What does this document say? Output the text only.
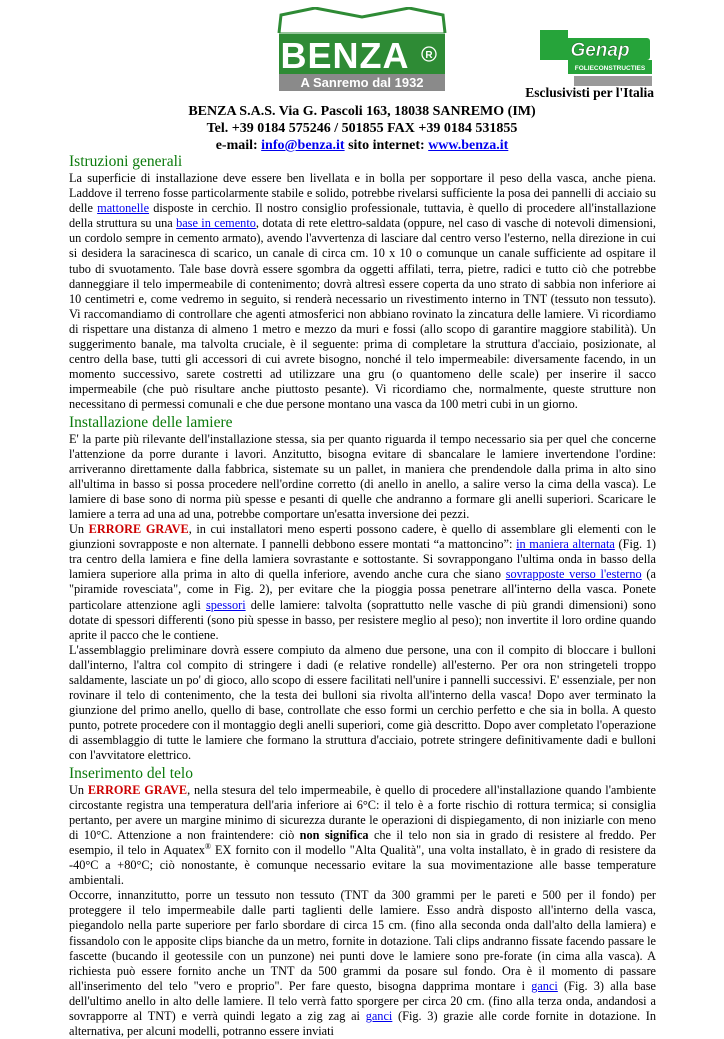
BENZA R
A Sanremo dal 1932
Genap
FOLIECONSTRUCTIES
Esclusivisti per l'Italia
BENZA S.A.S. Via G. Pascoli 163, 18038 SANREMO (IM)
Tel. +39 0184 575246 / 501855 FAX +39 0184 531855
e-mail: info@benza.it sito internet: www.benza.it
Istruzioni generali

La superficie di installazione deve essere ben livellata e in bolla per sopportare il peso della vasca, anche piena. Laddove il terreno fosse particolarmente stabile e solido, potrebbe rivelarsi sufficiente la posa dei pannelli di acciaio su delle mattonelle disposte in cerchio. Il nostro consiglio professionale, tuttavia, è quello di procedere all'installazione della struttura su una base in cemento, dotata di rete elettro-saldata (oppure, nel caso di vasche di notevoli dimensioni, un cordolo sempre in cemento armato), avendo l'avvertenza di lasciare dal centro verso l'esterno, nella direzione in cui si desidera la saracinesca di scarico, un canale di circa cm. 10 x 10 o comunque un canale sufficiente ad ospitare il tubo di svuotamento. Tale base dovrà essere sgombra da oggetti affilati, terra, pietre, radici e tutto ciò che potrebbe danneggiare il telo impermeabile di contenimento; dovrà altresì essere coperta da uno strato di sabbia non inferiore ai 10 centimetri e, come vedremo in seguito, si renderà necessario un rivestimento interno in TNT (tessuto non tessuto). Vi raccomandiamo di controllare che agenti atmosferici non abbiano rovinato la zincatura delle lamiere. Vi ricordiamo di rispettare una distanza di almeno 1 metro e mezzo da muri e fossi (allo scopo di garantire maggiore stabilità). Un suggerimento banale, ma talvolta cruciale, è il seguente: prima di completare la struttura d'acciaio, posizionate, al centro della base, tutti gli accessori di cui avrete bisogno, nonché il telo impermeabile: diversamente facendo, in un momento successivo, sarete costretti ad utilizzare una gru (o quantomeno delle scale) per inserire il sacco impermeabile (che può risultare anche piuttosto pesante). Vi ricordiamo che, normalmente, queste strutture non necessitano di permessi comunali e che due persone montano una vasca da 100 metri cubi in un giorno.

Installazione delle lamiere

E' la parte più rilevante dell'installazione stessa, sia per quanto riguarda il tempo necessario sia per quel che concerne l'attenzione da porre durante i lavori. Anzitutto, bisogna evitare di sbancalare le lamiere invertendone l'ordine: arriveranno direttamente dalla fabbrica, sistemate su un pallet, in maniera che prendendole dalla prima in alto sino all'ultima in basso si possa procedere nell'ordine corretto (di anello in anello, a salire verso la cima della vasca). Le lamiere di base sono di norma più spesse e pesanti di quelle che andranno a formare gli anelli superiori. Scaricare le lamiere a terra ad una ad una, potrebbe comportare un'esatta inversione dei pezzi.

Un ERRORE GRAVE, in cui installatori meno esperti possono cadere, è quello di assemblare gli elementi con le giunzioni sovrapposte e non alternate. I pannelli debbono essere montati “a mattoncino”: in maniera alternata (Fig. 1) tra centro della lamiera e fine della lamiera sovrastante e sottostante. Si sovrappongano l'ultima onda in basso della lamiera superiore alla prima in alto di quella inferiore, avendo anche cura che siano sovrapposte verso l'esterno (a "piramide rovesciata", come in Fig. 2), per evitare che la pioggia possa penetrare all'interno della vasca. Ponete particolare attenzione agli spessori delle lamiere: talvolta (soprattutto nelle vasche di più grandi dimensioni) sono dotate di spessori differenti (sono più spesse in basso, per resistere meglio al peso); non invertite il loro ordine quando aprite il pacco che le contiene.

L'assemblaggio preliminare dovrà essere compiuto da almeno due persone, una con il compito di bloccare i bulloni dall'interno, l'altra col compito di stringere i dadi (e relative rondelle) all'esterno. Per ora non stringeteli troppo saldamente, lasciate un po' di gioco, allo scopo di essere facilitati nell'unire i pannelli successivi. E' essenziale, per non rovinare il telo di contenimento, che la testa dei bulloni sia rivolta all'interno della vasca! Dopo aver terminato la giunzione del primo anello, quello di base, controllate che esso formi un cerchio perfetto e che sia in bolla. A questo punto, potrete procedere con il montaggio degli anelli superiori, come già descritto. Dopo aver completato l'operazione di assemblaggio di tutte le lamiere che formano la struttura d'acciaio, potrete stringere definitivamente dadi e bulloni con l'avvitatore elettrico.

Inserimento del telo

Un ERRORE GRAVE, nella stesura del telo impermeabile, è quello di procedere all'installazione quando l'ambiente circostante registra una temperatura dell'aria inferiore ai 6°C: il telo è a forte rischio di rottura termica; si consiglia pertanto, per avere un margine minimo di sicurezza durante le operazioni di dispiegamento, di non iniziarle con meno di 10°C. Attenzione a non fraintendere: ciò non significa che il telo non sia in grado di resistere al freddo. Per esempio, il telo in Aquatex® EX fornito con il modello "Alta Qualità", una volta installato, è in grado di resistere da -40°C a +80°C; ciò nonostante, è comunque necessario evitare la sua movimentazione alle basse temperature ambientali.

Occorre, innanzitutto, porre un tessuto non tessuto (TNT da 300 grammi per le pareti e 500 per il fondo) per proteggere il telo impermeabile dalle parti taglienti delle lamiere. Esso andrà disposto all'interno della vasca, piegandolo nella parte superiore per farlo sbordare di circa 15 cm. (fino alla seconda onda dall'alto della lamiera) e fissandolo con le apposite clips bianche da un metro, fornite in dotazione. Tali clips andranno fissate facendo passare le fascette (bucando il geotessile con un punzone) nei punti dove le lamiere sono pre-forate (in cima alla vasca). A richiesta può essere fornito anche un TNT da 500 grammi da posare sul fondo. Ora è il momento di passare all'inserimento del telo "vero e proprio". Per fare questo, bisogna dapprima montare i ganci (Fig. 3) alla base dell'ultimo anello in alto delle lamiere. Il telo verrà fatto sporgere per circa 20 cm. (fino alla terza onda, andandosi a sovrapporre al TNT) e verrà quindi legato a zig zag ai ganci (Fig. 3) grazie alle corde fornite in dotazione. In alternativa, per alcuni modelli, potranno essere inviati
